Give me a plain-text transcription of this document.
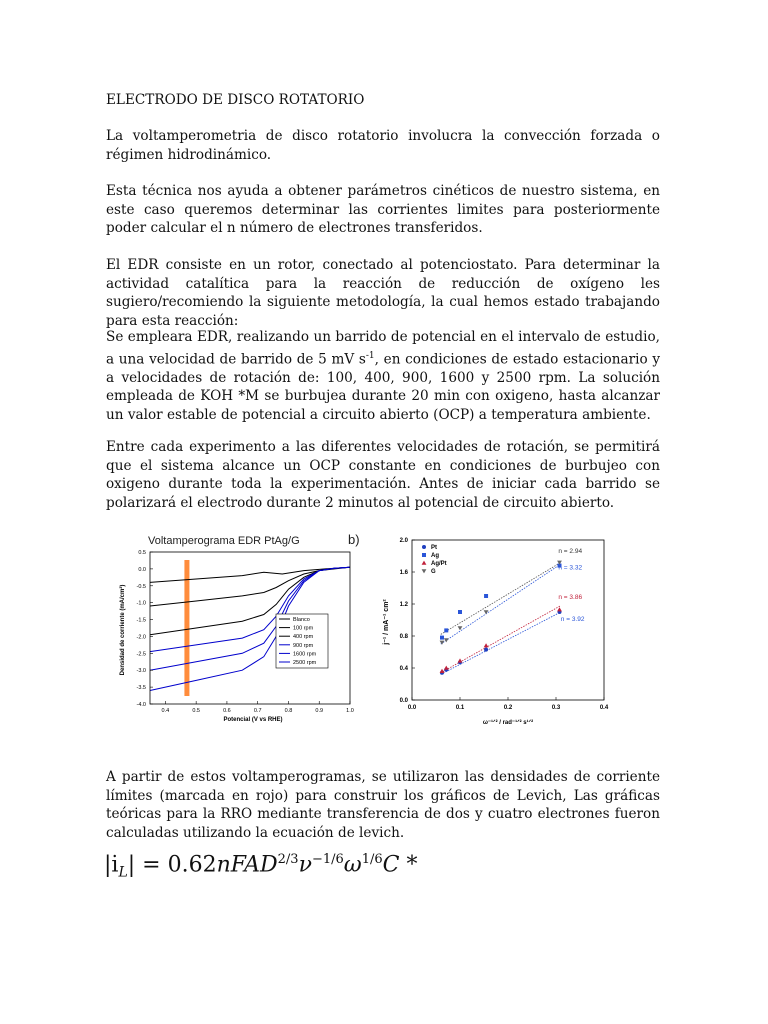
ELECTRODO DE DISCO ROTATORIO

La voltamperometria de disco rotatorio involucra la convección forzada o régimen hidrodinámico.

Esta técnica nos ayuda a obtener parámetros cinéticos de nuestro sistema, en este caso queremos determinar las corrientes limites para posteriormente poder calcular el n número de electrones transferidos.

El EDR consiste en un rotor, conectado al potenciostato. Para determinar la actividad catalítica para la reacción de reducción de oxígeno les sugiero/recomiendo la siguiente metodología, la cual hemos estado trabajando para esta reacción:

Se empleara EDR, realizando un barrido de potencial en el intervalo de estudio, a una velocidad de barrido de 5 mV $s^{-1}$, en condiciones de estado estacionario y a velocidades de rotación de: 100, 400, 900, 1600 y 2500 rpm. La solución empleada de KOH *M se burbujea durante 20 min con oxigeno, hasta alcanzar un valor estable de potencial a circuito abierto (OCP) a temperatura ambiente.

Entre cada experimento a las diferentes velocidades de rotación, se permitirá que el sistema alcance un OCP constante en condiciones de burbujeo con oxigeno durante toda la experimentación. Antes de iniciar cada barrido se polarizará el electrodo durante 2 minutos al potencial de circuito abierto.

Voltamperograma EDR PtAg/G	b)
0.4	0.5	0.6	0.7	0.8	0.9	1.0
0.5
0.0
-0.5
-1.0
-1.5
-2.0
-2.5
-3.0
-3.5
-4.0
Blanco
100 rpm
400 rpm
900 rpm
1600 rpm
2500 rpm
Potencial (V vs RHE)
Densidad de corriente (mA/cm²)
0.0	0.1	0.2	0.3	0.4
0.0
0.4
0.8
1.2
1.6
2.0
Pt
Ag
Ag/Pt
G
n = 2.94
n = 3.32
n = 3.86
n = 3.92
ω⁻¹ᐟ² / rad⁻¹ᐟ² s¹ᐟ²
j⁻¹ / mA⁻¹ cm²

A partir de estos voltamperogramas, se utilizaron las densidades de corriente límites (marcada en rojo) para construir los gráficos de Levich, Las gráficas teóricas para la RRO mediante transferencia de dos y cuatro electrones fueron calculadas utilizando la ecuación de levich.

$|i_L|$ = $0.62nFAD^{2/3}\nu^{-1/6}\omega^{1/6}C$ *
